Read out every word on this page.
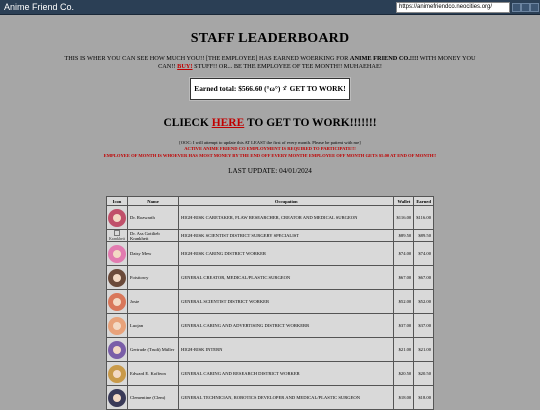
Anime Friend Co.	https://animefriendco.neocities.org/
STAFF LEADERBOARD
THIS IS WHER YOU CAN SEE HOW MUCH YOU!! [THE EMPLOYEE] HAS EARNED WOERKING FOR ANIME FRIEND CO.!!!! WITH MONEY YOU CAN!! BUY! STUFF!! OR... BE THE EMPLOYEE OF TEE MONTH!! MUHAEHAE!
Earned total: $566.60 (°ω°)ゞ GET TO WORK!
CLIECK HERE TO GET TO WORK!!!!!!!
[OOC: I will attempt to update this AT LEAST the first of every month. Please be patient with me]
ACTIVE ANIME FRIEND CO EMPLOYMENT IS REQUIRED TO PARTICIPATE!!!
EMPLOYEE OF MONTH IS WHOEVER HAS MOST MONEY BY THE END OFF EVERY MONTH! EMPLOYEE OFF MONTH GETS $5.00 AT END OF MONTH!!
LAST UPDATE: 04/01/2024
Icon	Name	Occupation	Wallet	Earned
	Dr. Rozwarth	HIGH-RISK CARETAKER, FLAW RESEARCHER, CREATOR AND MEDICAL SURGEON	$116.00	$116.00
Krankheit	Dr. Ass Gottlieb Krankheit	HIGH-RISK SCIENTIST DISTRICT SURGERY SPECIALIST	$89.50	$89.50
	Daisy Mew	HIGH-RISK CARING DISTRICT WORKER	$74.00	$74.00
	Foisttowy	GENERAL CREATOR, MEDICAL/PLASTIC SURGEON	$67.00	$67.00
	Josie	GENERAL SCIENTIST DISTRICT WORKER	$52.00	$52.00
	Luojan	GENERAL CARING AND ADVERTISING DISTRICT WORKERR	$37.00	$37.00
	Gertrude (Trudi) Müller	HIGH-RISK INTERN	$21.00	$21.00
	Edward E. Koffeon	GENERAL CARING AND RESEARCH DISTRICT WORKER	$20.50	$20.50
	Clementine (Clem)	GENERAL TECHNICIAN, ROBOTICS DEVELOPER AND MEDICAL/PLASTIC SURGEON	$18.00	$18.00
